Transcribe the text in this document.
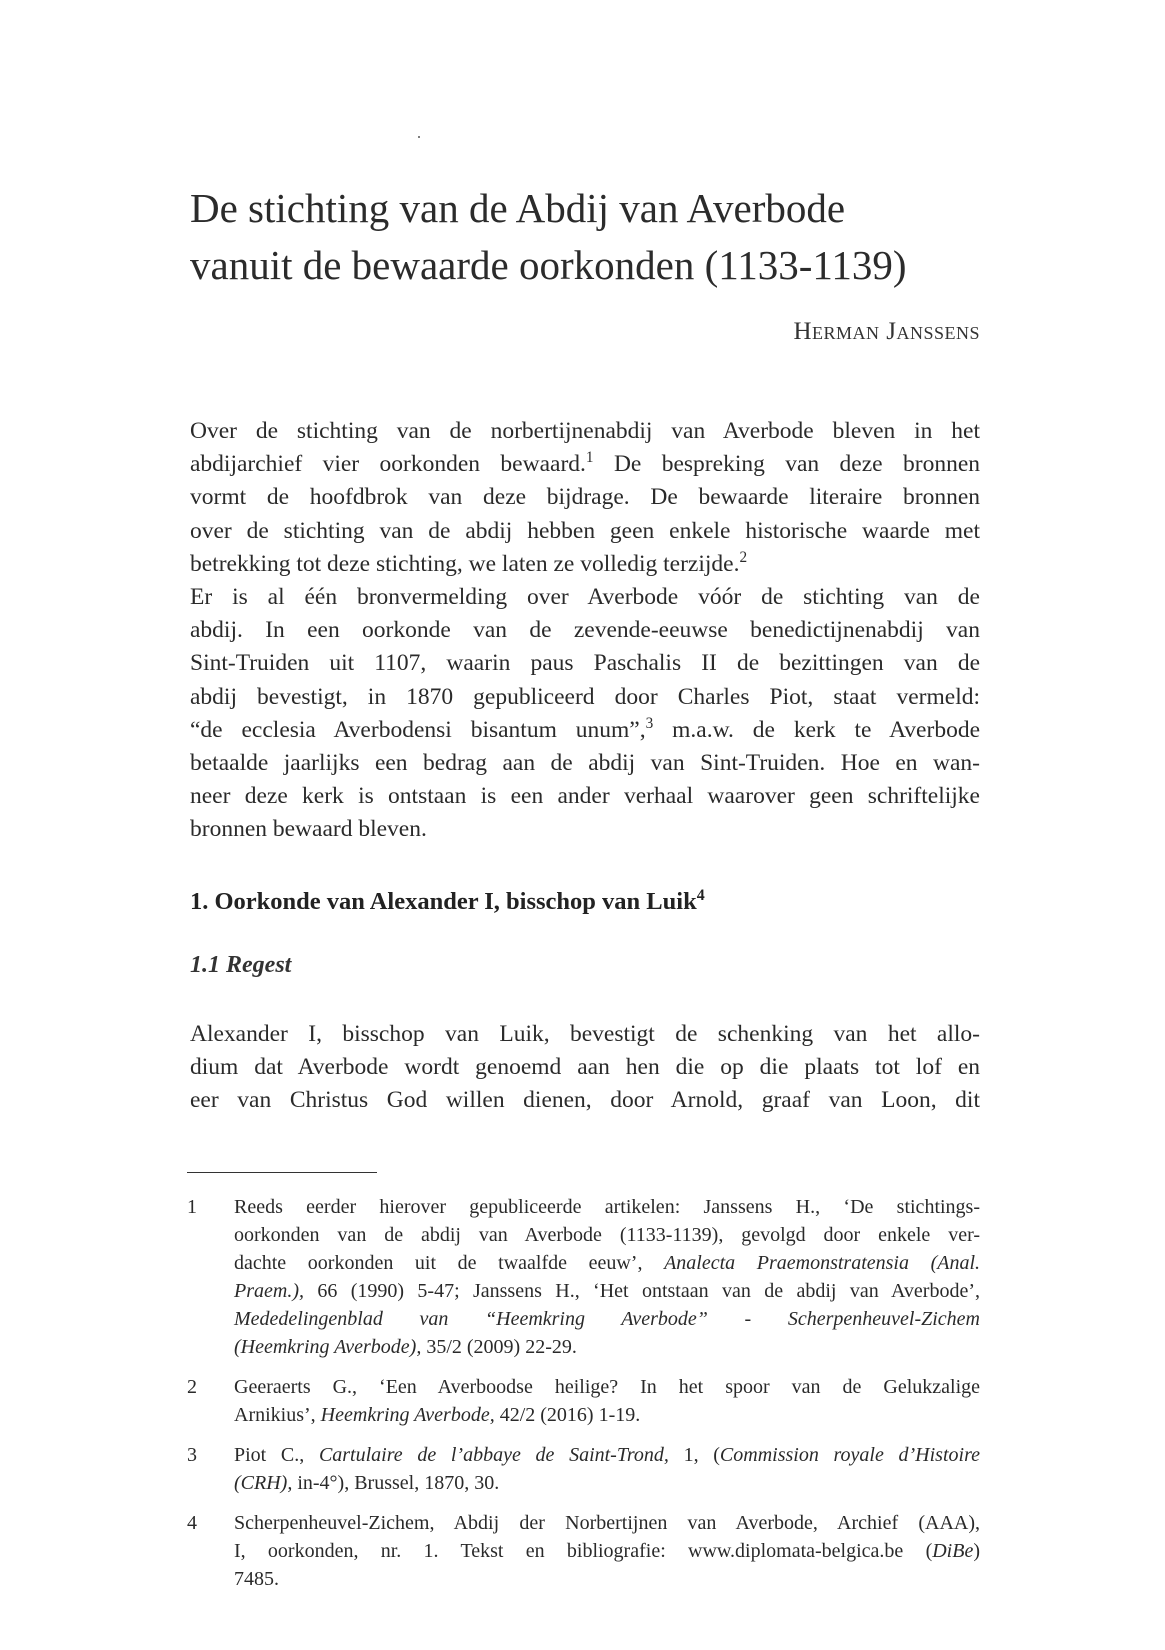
De stichting van de Abdij van Averbode
vanuit de bewaarde oorkonden (1133-1139)
Herman Janssens
Over de stichting van de norbertijnenabdij van Averbode bleven in het
abdijarchief vier oorkonden bewaard.$^1$ De bespreking van deze bronnen
vormt de hoofdbrok van deze bijdrage. De bewaarde literaire bronnen
over de stichting van de abdij hebben geen enkele historische waarde met
betrekking tot deze stichting, we laten ze volledig terzijde.$^2$
Er is al één bronvermelding over Averbode vóór de stichting van de
abdij. In een oorkonde van de zevende-eeuwse benedictijnenabdij van
Sint-Truiden uit 1107, waarin paus Paschalis II de bezittingen van de
abdij bevestigt, in 1870 gepubliceerd door Charles Piot, staat vermeld:
“de ecclesia Averbodensi bisantum unum”,$^3$ m.a.w. de kerk te Averbode
betaalde jaarlijks een bedrag aan de abdij van Sint-Truiden. Hoe en wan-
neer deze kerk is ontstaan is een ander verhaal waarover geen schriftelijke
bronnen bewaard bleven.
1. Oorkonde van Alexander I, bisschop van Luik$^4$
1.1 Regest
Alexander I, bisschop van Luik, bevestigt de schenking van het allo-
dium dat Averbode wordt genoemd aan hen die op die plaats tot lof en
eer van Christus God willen dienen, door Arnold, graaf van Loon, dit
1	Reeds eerder hierover gepubliceerde artikelen: Janssens H., ‘De stichtings-
oorkonden van de abdij van Averbode (1133-1139), gevolgd door enkele ver-
dachte oorkonden uit de twaalfde eeuw’, Analecta Praemonstratensia (Anal.
Praem.), 66 (1990) 5-47; Janssens H., ‘Het ontstaan van de abdij van Averbode’,
Mededelingenblad van “Heemkring Averbode” - Scherpenheuvel-Zichem
(Heemkring Averbode), 35/2 (2009) 22-29.
2	Geeraerts G., ‘Een Averboodse heilige? In het spoor van de Gelukzalige
Arnikius’, Heemkring Averbode, 42/2 (2016) 1-19.
3	Piot C., Cartulaire de l’abbaye de Saint-Trond, 1, (Commission royale d’Histoire
(CRH), in-4°), Brussel, 1870, 30.
4	Scherpenheuvel-Zichem, Abdij der Norbertijnen van Averbode, Archief (AAA),
I, oorkonden, nr. 1. Tekst en bibliografie: www.diplomata-belgica.be (DiBe)
7485.
